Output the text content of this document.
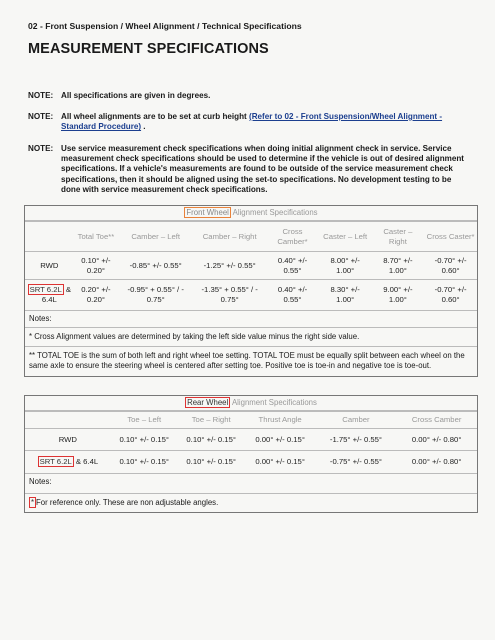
02 - Front Suspension / Wheel Alignment / Technical Specifications
MEASUREMENT SPECIFICATIONS
NOTE: All specifications are given in degrees.
NOTE: All wheel alignments are to be set at curb height (Refer to 02 - Front Suspension/Wheel Alignment - Standard Procedure) .
NOTE: Use service measurement check specifications when doing initial alignment check in service. Service measurement check specifications should be used to determine if the vehicle is out of desired alignment specifications. If a vehicle's measurements are found to be outside of the service measurement check specifications, then it should be aligned using the set-to specifications. No development testing to be done with service measurement check specifications.
Front Wheel Alignment Specifications
	Total Toe**	Camber – Left	Camber – Right	Cross Camber*	Caster – Left	Caster – Right	Cross Caster*
RWD	0.10° +/- 0.20°	-0.85° +/- 0.55°	-1.25° +/- 0.55°	0.40° +/- 0.55°	8.00° +/- 1.00°	8.70° +/- 1.00°	-0.70° +/- 0.60°
SRT 6.2L & 6.4L	0.20° +/- 0.20°	-0.95° + 0.55° / - 0.75°	-1.35° + 0.55° / - 0.75°	0.40° +/- 0.55°	8.30° +/- 1.00°	9.00° +/- 1.00°	-0.70° +/- 0.60°
Notes:
* Cross Alignment values are determined by taking the left side value minus the right side value.
** TOTAL TOE is the sum of both left and right wheel toe setting. TOTAL TOE must be equally split between each wheel on the same axle to ensure the steering wheel is centered after setting toe. Positive toe is toe-in and negative toe is toe-out.
Rear Wheel Alignment Specifications
	Toe – Left	Toe – Right	Thrust Angle	Camber	Cross Camber
RWD	0.10° +/- 0.15°	0.10° +/- 0.15°	0.00° +/- 0.15°	-1.75° +/- 0.55°	0.00° +/- 0.80°
SRT 6.2L & 6.4L	0.10° +/- 0.15°	0.10° +/- 0.15°	0.00° +/- 0.15°	-0.75° +/- 0.55°	0.00° +/- 0.80°
Notes:
* For reference only. These are non adjustable angles.
